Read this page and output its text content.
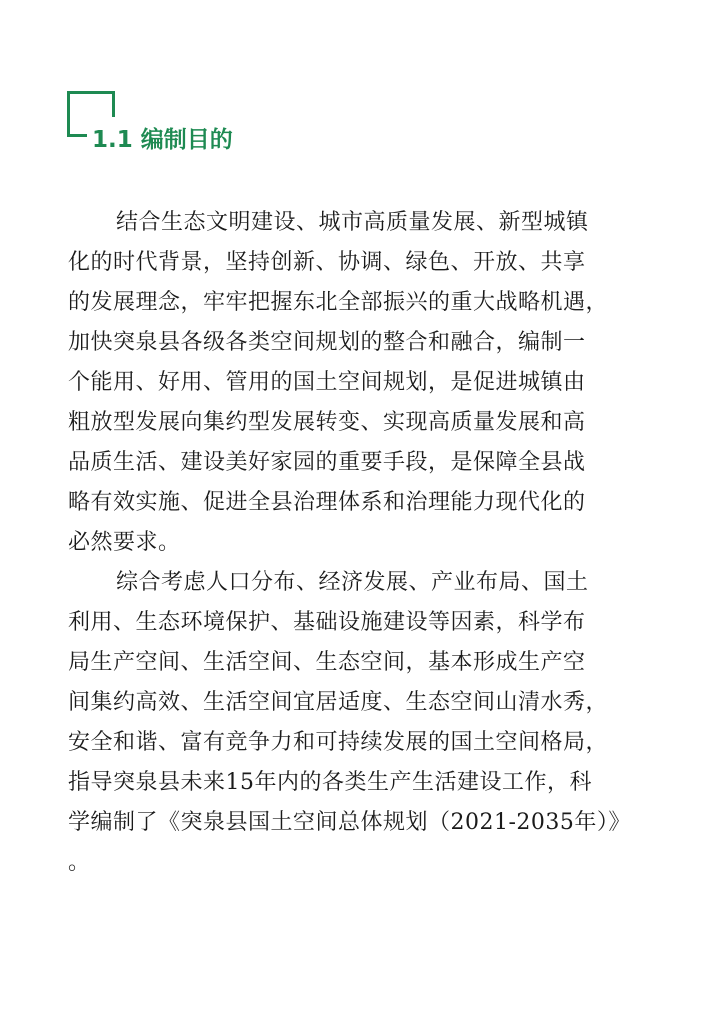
1.1 编制目的
结合生态文明建设、城市高质量发展、新型城镇
化的时代背景，坚持创新、协调、绿色、开放、共享
的发展理念，牢牢把握东北全部振兴的重大战略机遇，
加快突泉县各级各类空间规划的整合和融合，编制一
个能用、好用、管用的国土空间规划，是促进城镇由
粗放型发展向集约型发展转变、实现高质量发展和高
品质生活、建设美好家园的重要手段，是保障全县战
略有效实施、促进全县治理体系和治理能力现代化的
必然要求。
综合考虑人口分布、经济发展、产业布局、国土
利用、生态环境保护、基础设施建设等因素，科学布
局生产空间、生活空间、生态空间，基本形成生产空
间集约高效、生活空间宜居适度、生态空间山清水秀，
安全和谐、富有竞争力和可持续发展的国土空间格局，
指导突泉县未来15年内的各类生产生活建设工作，科
学编制了《突泉县国土空间总体规划（2021-2035年）》
。
